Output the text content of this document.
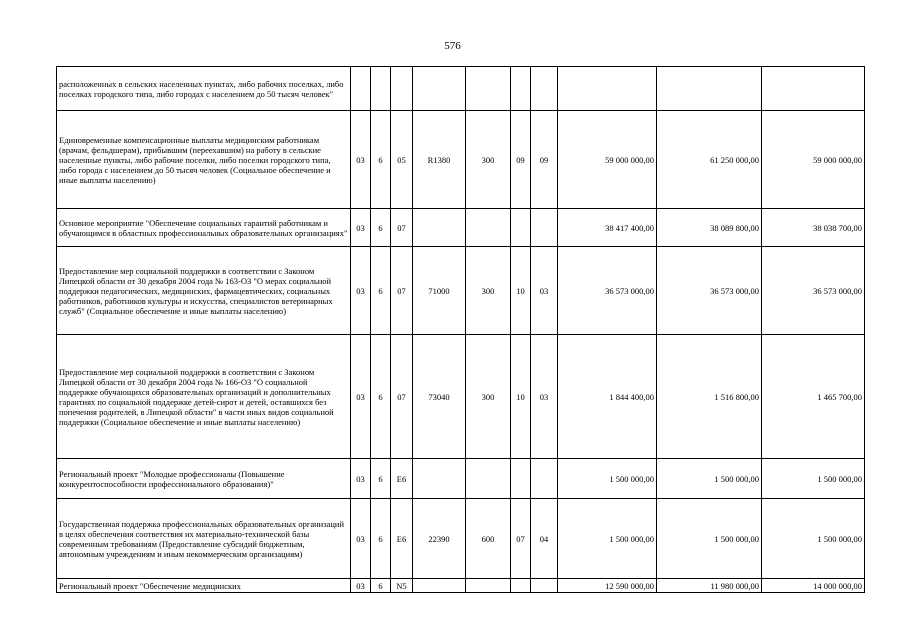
576
расположенных в сельских населенных пунктах, либо рабочих поселках, либо поселках городского типа, либо городах с населением до 50 тысяч человек"										
Единовременные компенсационные выплаты медицинским работникам (врачам, фельдшерам), прибывшим (переехавшим) на работу в сельские населенные пункты, либо рабочие поселки, либо поселки городского типа, либо города с населением до 50 тысяч человек (Социальное обеспечение и иные выплаты населению)	03	6	05	R1380	300	09	09	59 000 000,00	61 250 000,00	59 000 000,00
Основное мероприятие "Обеспечение социальных гарантий работникам и обучающимся в областных профессиональных образовательных организациях"	03	6	07					38 417 400,00	38 089 800,00	38 038 700,00
Предоставление мер социальной поддержки в соответствии с Законом Липецкой области от 30 декабря 2004 года № 163-ОЗ "О мерах социальной поддержки педагогических, медицинских, фармацевтических, социальных работников, работников культуры и искусства, специалистов ветеринарных служб" (Социальное обеспечение и иные выплаты населению)	03	6	07	71000	300	10	03	36 573 000,00	36 573 000,00	36 573 000,00
Предоставление мер социальной поддержки в соответствии с Законом Липецкой области от 30 декабря 2004 года № 166-ОЗ "О социальной поддержке обучающихся образовательных организаций и дополнительных гарантиях по социальной поддержке детей-сирот и детей, оставшихся без попечения родителей, в Липецкой области" в части иных видов социальной поддержки (Социальное обеспечение и иные выплаты населению)	03	6	07	73040	300	10	03	1 844 400,00	1 516 800,00	1 465 700,00
Региональный проект "Молодые профессионалы (Повышение конкурентоспособности профессионального образования)"	03	6	E6					1 500 000,00	1 500 000,00	1 500 000,00
Государственная поддержка профессиональных образовательных организаций в целях обеспечения соответствия их материально-технической базы современным требованиям (Предоставление субсидий бюджетным, автономным учреждениям и иным некоммерческим организациям)	03	6	E6	22390	600	07	04	1 500 000,00	1 500 000,00	1 500 000,00
Региональный проект "Обеспечение медицинских	03	6	N5					12 590 000,00	11 980 000,00	14 000 000,00
